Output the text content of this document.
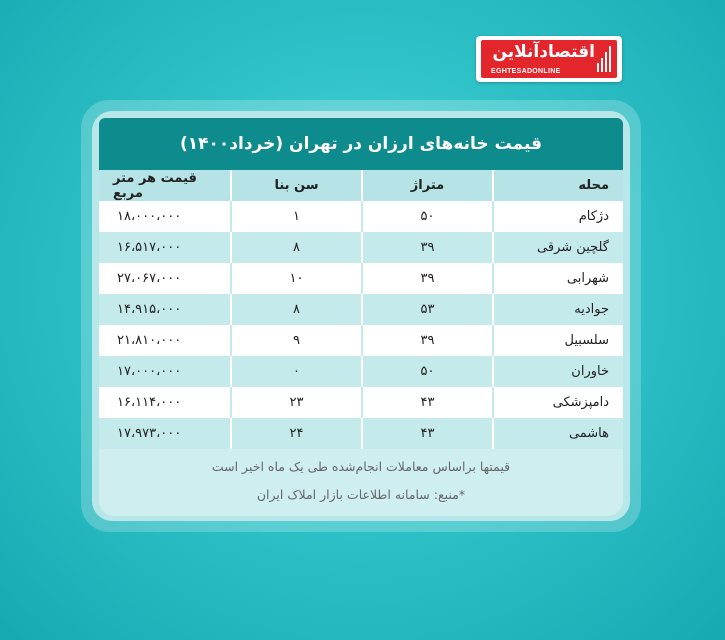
اقتصادآنلاین
EGHTESADONLINE
قیمت خانه‌های ارزان در تهران (خرداد۱۴۰۰)
محله	متراژ	سن بنا	قیمت هر متر مربع
دژکام	۵۰	۱	۱۸،۰۰۰،۰۰۰
گلچین شرقی	۳۹	۸	۱۶،۵۱۷،۰۰۰
شهرابی	۳۹	۱۰	۲۷،۰۶۷،۰۰۰
جوادیه	۵۳	۸	۱۴،۹۱۵،۰۰۰
سلسبیل	۳۹	۹	۲۱،۸۱۰،۰۰۰
خاوران	۵۰	۰	۱۷،۰۰۰،۰۰۰
دامپزشکی	۴۳	۲۳	۱۶،۱۱۴،۰۰۰
هاشمی	۴۳	۲۴	۱۷،۹۷۳،۰۰۰
قیمتها براساس معاملات انجام‌شده طی یک ماه اخیر است
*منبع: سامانه اطلاعات بازار املاک ایران
